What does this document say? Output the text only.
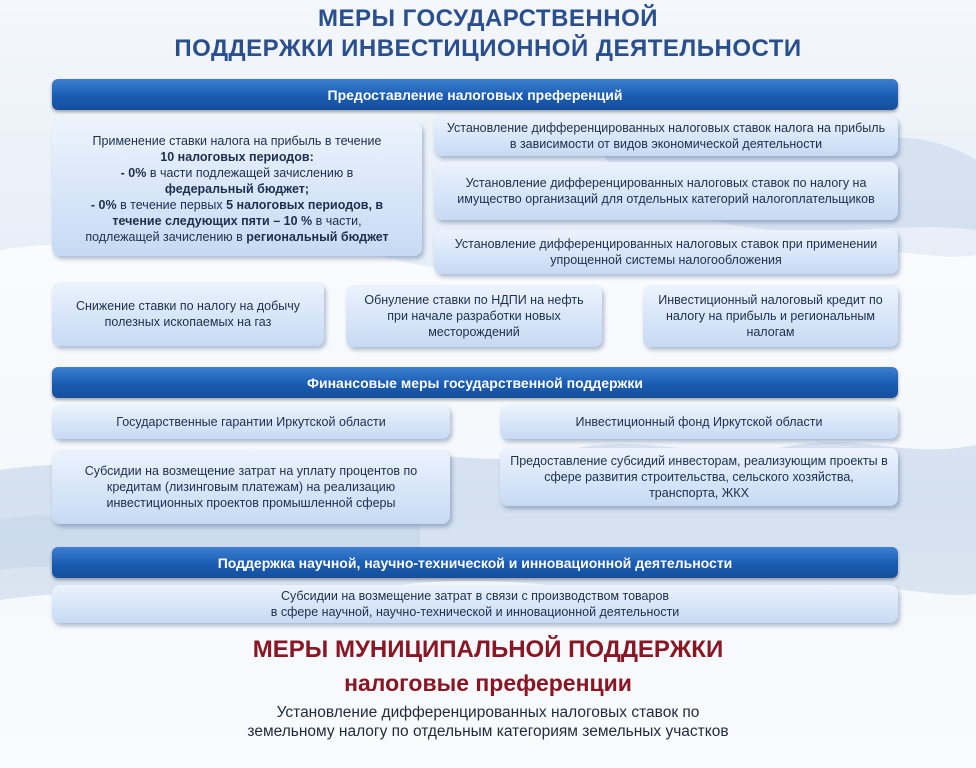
МЕРЫ ГОСУДАРСТВЕННОЙ
ПОДДЕРЖКИ ИНВЕСТИЦИОННОЙ ДЕЯТЕЛЬНОСТИ
Предоставление налоговых преференций
Применение ставки налога на прибыль в течение
10 налоговых периодов:
- 0% в части подлежащей зачислению в
федеральный бюджет;
- 0% в течение первых 5 налоговых периодов, в
течение следующих пяти – 10 % в части,
подлежащей зачислению в региональный бюджет
Установление дифференцированных налоговых ставок налога на прибыль в зависимости от видов экономической деятельности
Установление дифференцированных налоговых ставок по налогу на имущество организаций для отдельных категорий налогоплательщиков
Установление дифференцированных налоговых ставок при применении упрощенной системы налогообложения
Снижение ставки по налогу на добычу полезных ископаемых на газ
Обнуление ставки по НДПИ на нефть при начале разработки новых месторождений
Инвестиционный налоговый кредит по налогу на прибыль и региональным налогам
Финансовые меры государственной поддержки
Государственные гарантии Иркутской области	Инвестиционный фонд Иркутской области
Субсидии на возмещение затрат на уплату процентов по кредитам (лизинговым платежам) на реализацию инвестиционных проектов промышленной сферы
Предоставление субсидий инвесторам, реализующим проекты в сфере развития строительства, сельского хозяйства, транспорта, ЖКХ
Поддержка научной, научно-технической и инновационной деятельности
Субсидии на возмещение затрат в связи с производством товаров
в сфере научной, научно-технической и инновационной деятельности
МЕРЫ МУНИЦИПАЛЬНОЙ ПОДДЕРЖКИ
налоговые преференции
Установление дифференцированных налоговых ставок по
земельному налогу по отдельным категориям земельных участков
